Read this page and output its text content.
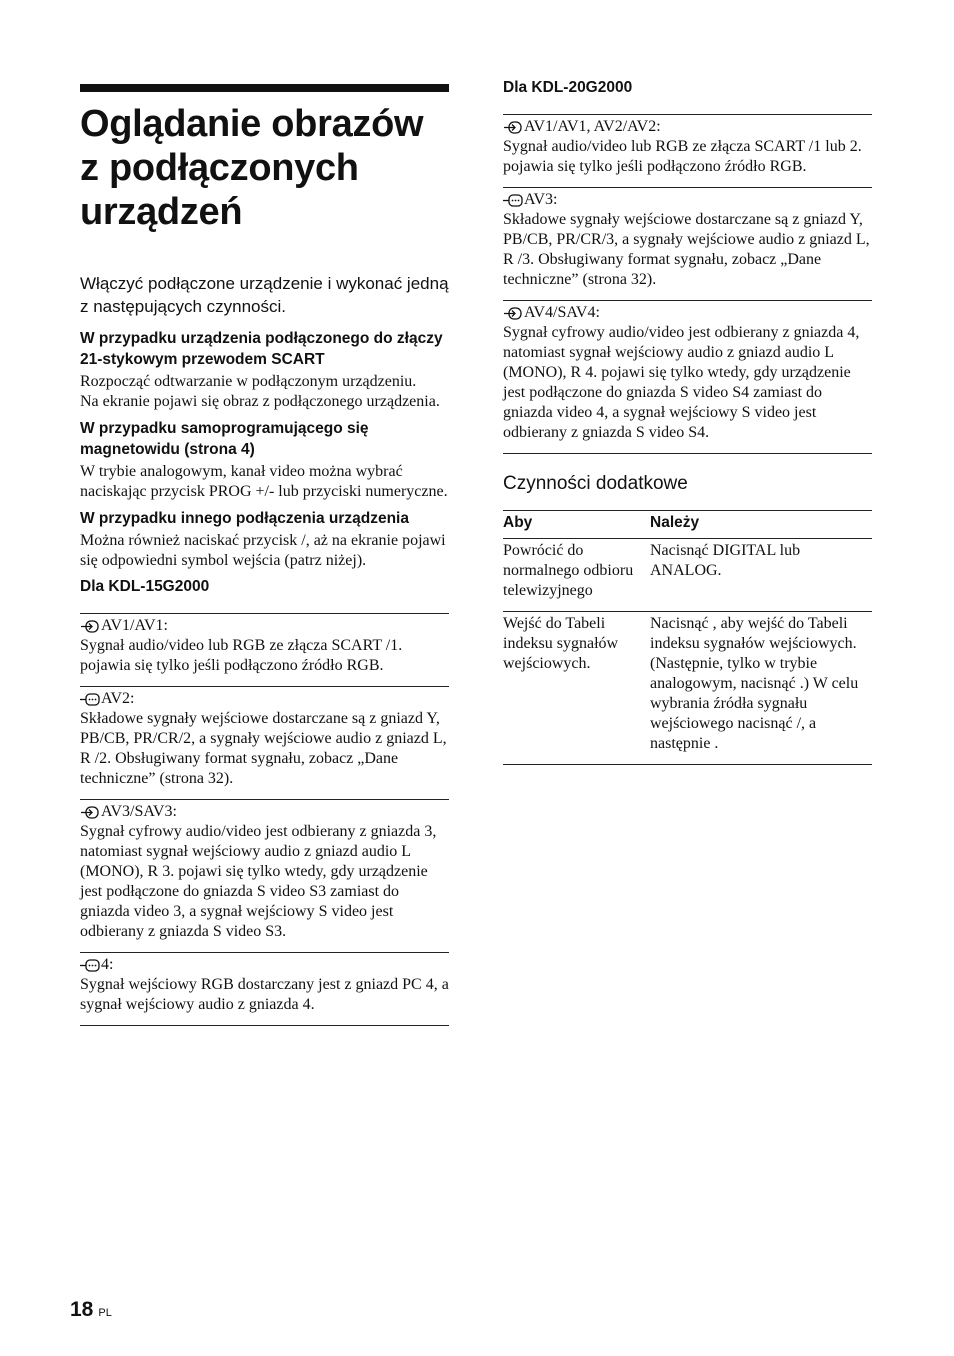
Oglądanie obrazów z podłączonych urządzeń

Włączyć podłączone urządzenie i wykonać jedną z następujących czynności.

W przypadku urządzenia podłączonego do złączy 21-stykowym przewodem SCART
Rozpocząć odtwarzanie w podłączonym urządzeniu.
Na ekranie pojawi się obraz z podłączonego urządzenia.
W przypadku samoprogramującego się magnetowidu (strona 4)
W trybie analogowym, kanał video można wybrać naciskając przycisk PROG +/- lub przyciski numeryczne.
W przypadku innego podłączenia urządzenia
Można również naciskać przycisk /, aż na ekranie pojawi się odpowiedni symbol wejścia (patrz niżej).
Dla KDL-15G2000
AV1/AV1:
Sygnał audio/video lub RGB ze złącza SCART /1. pojawia się tylko jeśli podłączono źródło RGB.
AV2:
Składowe sygnały wejściowe dostarczane są z gniazd Y, PB/CB, PR/CR/2, a sygnały wejściowe audio z gniazd L, R /2. Obsługiwany format sygnału, zobacz „Dane techniczne” (strona 32).
AV3/SAV3:
Sygnał cyfrowy audio/video jest odbierany z gniazda 3, natomiast sygnał wejściowy audio z gniazd audio L (MONO), R 3. pojawi się tylko wtedy, gdy urządzenie jest podłączone do gniazda S video S3 zamiast do gniazda video 3, a sygnał wejściowy S video jest odbierany z gniazda S video S3.
4:
Sygnał wejściowy RGB dostarczany jest z gniazd PC 4, a sygnał wejściowy audio z gniazda 4.
Dla KDL-20G2000
AV1/AV1, AV2/AV2:
Sygnał audio/video lub RGB ze złącza SCART /1 lub 2. pojawia się tylko jeśli podłączono źródło RGB.
AV3:
Składowe sygnały wejściowe dostarczane są z gniazd Y, PB/CB, PR/CR/3, a sygnały wejściowe audio z gniazd L, R /3. Obsługiwany format sygnału, zobacz „Dane techniczne” (strona 32).
AV4/SAV4:
Sygnał cyfrowy audio/video jest odbierany z gniazda 4, natomiast sygnał wejściowy audio z gniazd audio L (MONO), R 4. pojawi się tylko wtedy, gdy urządzenie jest podłączone do gniazda S video S4 zamiast do gniazda video 4, a sygnał wejściowy S video jest odbierany z gniazda S video S4.
Czynności dodatkowe
Aby	Należy
Powrócić do normalnego odbioru telewizyjnego	Nacisnąć DIGITAL lub ANALOG.
Wejść do Tabeli indeksu sygnałów wejściowych.	Nacisnąć , aby wejść do Tabeli indeksu sygnałów wejściowych. (Następnie, tylko w trybie analogowym, nacisnąć .) W celu wybrania źródła sygnału wejściowego nacisnąć /, a następnie .
18 PL
